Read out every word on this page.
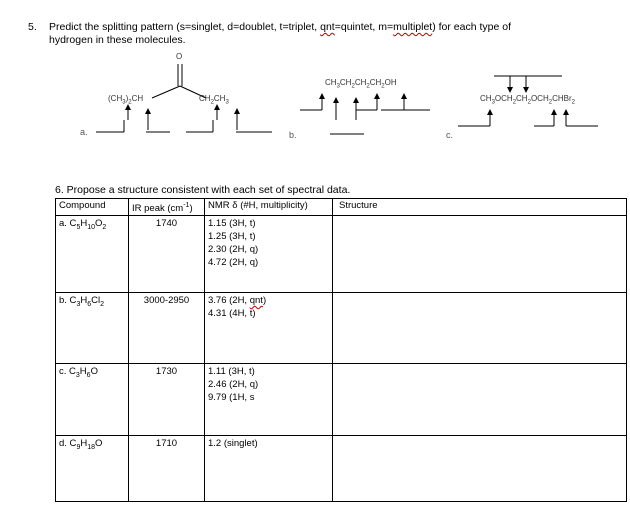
5. Predict the splitting pattern (s=singlet, d=doublet, t=triplet, qnt=quintet, m=multiplet) for each type of
hydrogen in these molecules.
O
$(CH_3)_2CH$	$CH_2CH_3$
$CH_3CH_2CH_2CH_2OH$
$CH_3OCH_2CH_2OCH_2CHBr_2$
a.	b.	c.
6. Propose a structure consistent with each set of spectral data.
Compound	IR peak $(cm^{-1})$	NMR δ (#H, multiplicity)	Structure
a. $C_5H_{10}O_2$	1740	1.15 (3H, t)
1.25 (3H, t)
2.30 (2H, q)
4.72 (2H, q)	

b. $C_3H_6Cl_2$	3000-2950	3.76 (2H, qnt)
4.31 (4H, t)	

c. $C_3H_6O$	1730	1.11 (3H, t)
2.46 (2H, q)
9.79 (1H, s	

d. $C_9H_{18}O$	1710	1.2 (singlet)	
